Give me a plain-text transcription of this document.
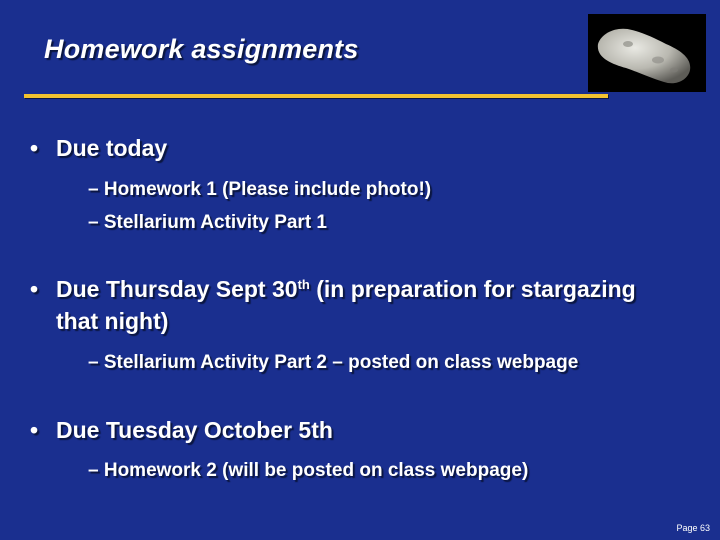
Homework assignments
• Due today
– Homework 1 (Please include photo!)
– Stellarium Activity Part 1
• Due Thursday Sept 30th (in preparation for stargazing that night)
– Stellarium Activity Part 2 – posted on class webpage
• Due Tuesday October 5th
– Homework 2 (will be posted on class webpage)
Page 63
